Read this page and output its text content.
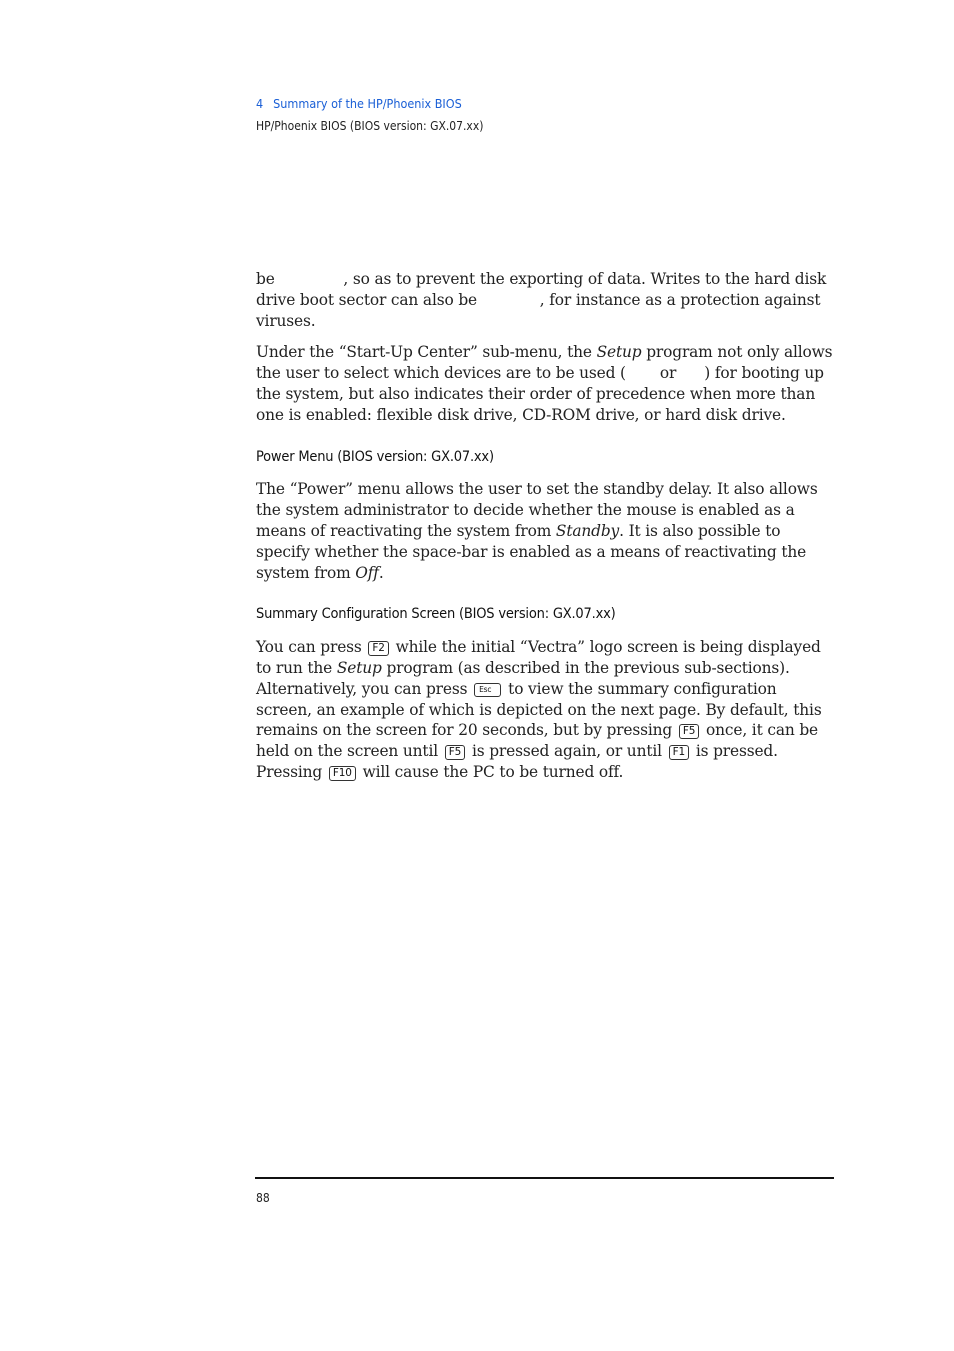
4 Summary of the HP/Phoenix BIOS
HP/Phoenix BIOS (BIOS version: GX.07.xx)

be	, so as to prevent the exporting of data. Writes to the hard disk drive boot sector can also be	, for instance as a protection against viruses.

Under the “Start-Up Center” sub-menu, the Setup program not only allows the user to select which devices are to be used ( or ) for booting up the system, but also indicates their order of precedence when more than one is enabled: flexible disk drive, CD-ROM drive, or hard disk drive.

Power Menu (BIOS version: GX.07.xx)

The “Power” menu allows the user to set the standby delay. It also allows the system administrator to decide whether the mouse is enabled as a means of reactivating the system from Standby. It is also possible to specify whether the space-bar is enabled as a means of reactivating the system from Off.

Summary Configuration Screen (BIOS version: GX.07.xx)

You can press F2 while the initial “Vectra” logo screen is being displayed to run the Setup program (as described in the previous sub-sections). Alternatively, you can press Esc to view the summary configuration screen, an example of which is depicted on the next page. By default, this remains on the screen for 20 seconds, but by pressing F5 once, it can be held on the screen until F5 is pressed again, or until F1 is pressed. Pressing F10 will cause the PC to be turned off.

88
